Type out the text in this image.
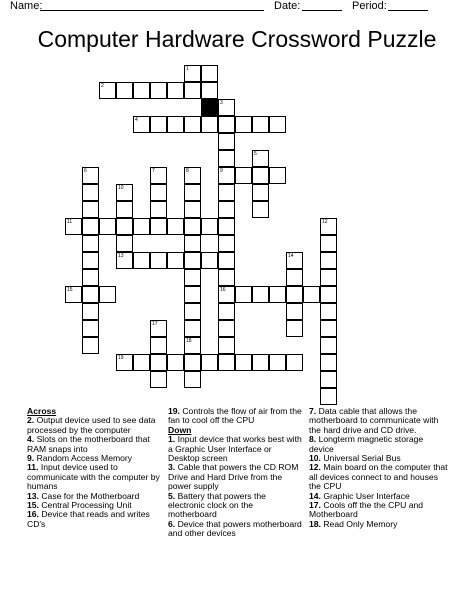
Name:	Date:	Period:
Computer Hardware Crossword Puzzle
1
2
3
4
5
6	7	8	9
10
11	12
13	14
15	16
17
18
19
Across
2. Output device used to see data processed by the computer
4. Slots on the motherboard that RAM snaps into
9. Random Access Memory
11. Input device used to communicate with the computer by humans
13. Case for the Motherboard
15. Central Processing Unit
16. Device that reads and writes CD's
19. Controls the flow of air from the fan to cool off the CPU
Down
1. Input device that works best with a Graphic User Interface or Desktop screen
3. Cable that powers the CD ROM Drive and Hard Drive from the power supply
5. Battery that powers the electronic clock on the motherboard
6. Device that powers motherboard and other devices
7. Data cable that allows the motherboard to communicate with the hard drive and CD drive.
8. Longterm magnetic storage device
10. Universal Serial Bus
12. Main board on the computer that all devices connect to and houses the CPU
14. Graphic User Interface
17. Cools off the the CPU and Motherboard
18. Read Only Memory
